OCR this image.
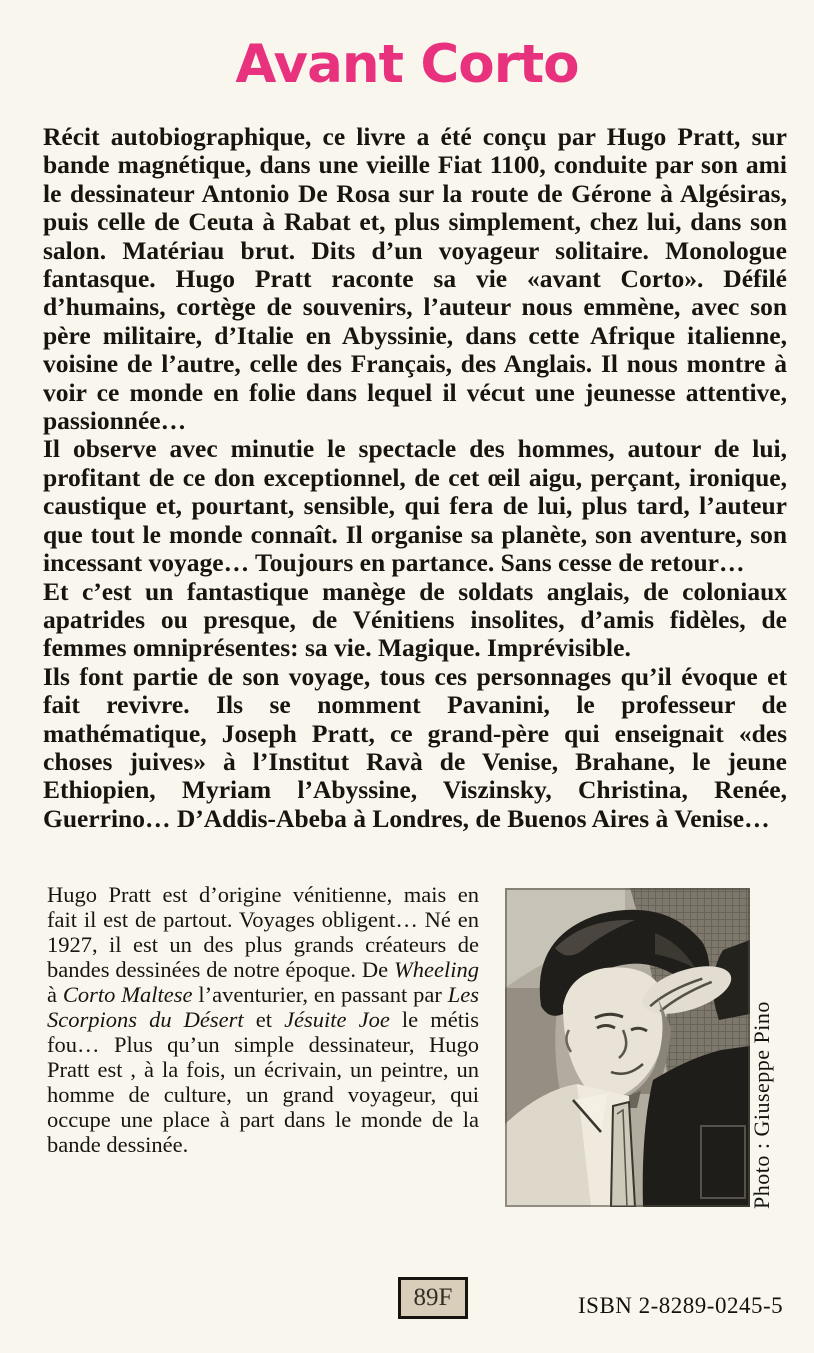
Avant Corto

Récit autobiographique, ce livre a été conçu par Hugo Pratt, sur bande magnétique, dans une vieille Fiat 1100, conduite par son ami le dessinateur Antonio De Rosa sur la route de Gérone à Algésiras, puis celle de Ceuta à Rabat et, plus simplement, chez lui, dans son salon. Matériau brut. Dits d’un voyageur solitaire. Monologue fantasque. Hugo Pratt raconte sa vie «avant Corto». Défilé d’humains, cortège de souvenirs, l’auteur nous emmène, avec son père militaire, d’Italie en Abyssinie, dans cette Afrique italienne, voisine de l’autre, celle des Français, des Anglais. Il nous montre à voir ce monde en folie dans lequel il vécut une jeunesse attentive, passionnée…

Il observe avec minutie le spectacle des hommes, autour de lui, profitant de ce don exceptionnel, de cet œil aigu, perçant, ironique, caustique et, pourtant, sensible, qui fera de lui, plus tard, l’auteur que tout le monde connaît. Il organise sa planète, son aventure, son incessant voyage… Toujours en partance. Sans cesse de retour…

Et c’est un fantastique manège de soldats anglais, de coloniaux apatrides ou presque, de Vénitiens insolites, d’amis fidèles, de femmes omniprésentes: sa vie. Magique. Imprévisible.

Ils font partie de son voyage, tous ces personnages qu’il évoque et fait revivre. Ils se nomment Pavanini, le professeur de mathématique, Joseph Pratt, ce grand-père qui enseignait «des choses juives» à l’Institut Ravà de Venise, Brahane, le jeune Ethiopien, Myriam l’Abyssine, Viszinsky, Christina, Renée, Guerrino… D’Addis-Abeba à Londres, de Buenos Aires à Venise…

Hugo Pratt est d’origine vénitienne, mais en fait il est de partout. Voyages obligent… Né en 1927, il est un des plus grands créateurs de bandes dessinées de notre époque. De Wheeling à Corto Maltese l’aventurier, en passant par Les Scorpions du Désert et Jésuite Joe le métis fou… Plus qu’un simple dessinateur, Hugo Pratt est , à la fois, un écrivain, un peintre, un homme de culture, un grand voyageur, qui occupe une place à part dans le monde de la bande dessinée.	Photo : Giuseppe Pino
89F	ISBN 2-8289-0245-5
